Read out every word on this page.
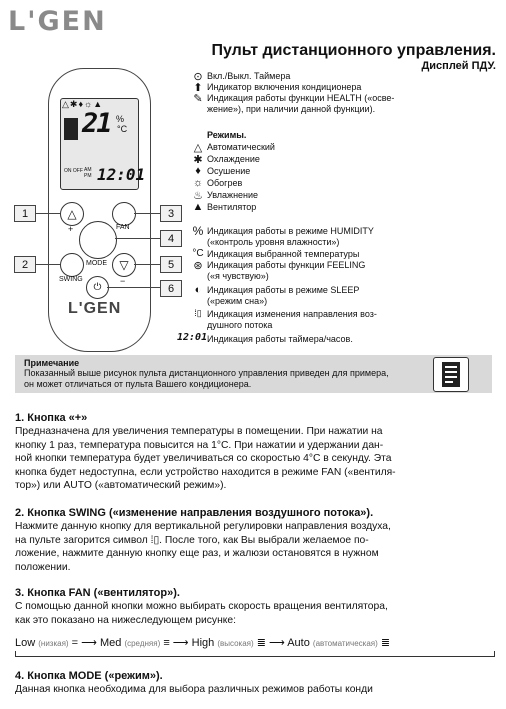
L'GEN
Пульт дистанционного управления.
Дисплей ПДУ.
△✱♦☼▲
21 %
°C
ON OFF AM
PM 12:01
△
+	FAN
MODE
SWING
▽
−
⏻
L'GEN
1
2
3
4
5
6
⊙ Вкл./Выкл. Таймера
⬆ Индикатор включения кондиционера
✎ Индикация работы функции HEALTH («осве-
жение»), при наличии данной функции).
Режимы.
△ Автоматический
✱ Охлаждение
♦ Осушение
☼ Обогрев
♨ Увлажнение
▲ Вентилятор
% Индикация работы в режиме HUMIDITY
(«контроль уровня влажности»)
°C Индикация выбранной температуры
⊛ Индикация работы функции FEELING
(«я чувствую»)
◐ Индикация работы в режиме SLEEP
(«режим сна»)
⁞▯ Индикация изменения направления воз-
душного потока
12:01 Индикация работы таймера/часов.
Примечание
Показанный выше рисунок пульта дистанционного управления приведен для примера,
он может отличаться от пульта Вашего кондиционера.
1. Кнопка «+»
Предназначена для увеличения температуры в помещении. При нажатии на
кнопку 1 раз, температура повысится на 1°С. При нажатии и удержании дан-
ной кнопки температура будет увеличиваться со скоростью 4°С в секунду. Эта
кнопка будет недоступна, если устройство находится в режиме FAN («вентиля-
тор») или AUTO («автоматический режим»).
2. Кнопка SWING («изменение направления воздушного потока»).
Нажмите данную кнопку для вертикальной регулировки направления воздуха,
на пульте загорится символ ⁞▯. После того, как Вы выбрали желаемое по-
ложение, нажмите данную кнопку еще раз, и жалюзи остановятся в нужном
положении.
3. Кнопка FAN («вентилятор»).
С помощью данной кнопки можно выбирать скорость вращения вентилятора,
как это показано на нижеследующем рисунке:
Low (низкая) = ⟶ Med (средняя) ≡ ⟶ High (высокая) ≣ ⟶ Auto (автоматическая) ≣
4. Кнопка MODE («режим»).
Данная кнопка необходима для выбора различных режимов работы конди
